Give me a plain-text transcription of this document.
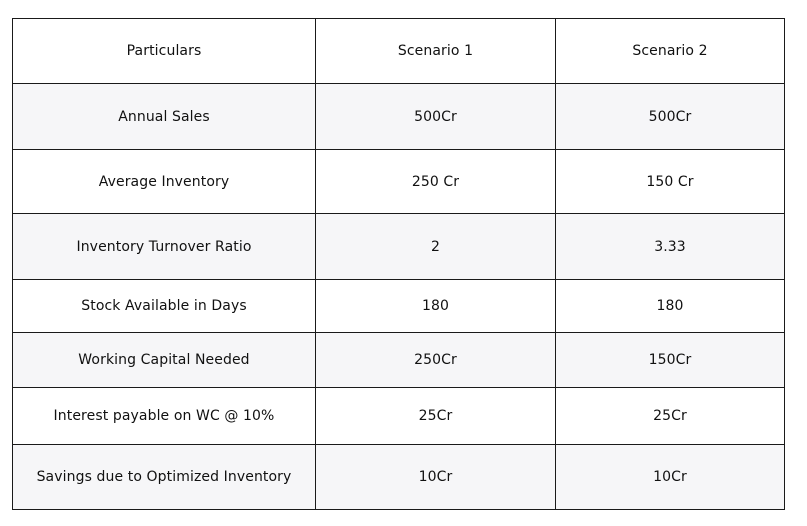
Particulars	Scenario 1	Scenario 2
Annual Sales	500Cr	500Cr
Average Inventory	250 Cr	150 Cr
Inventory Turnover Ratio	2	3.33
Stock Available in Days	180	180
Working Capital Needed	250Cr	150Cr
Interest payable on WC @ 10%	25Cr	25Cr
Savings due to Optimized Inventory	10Cr	10Cr
